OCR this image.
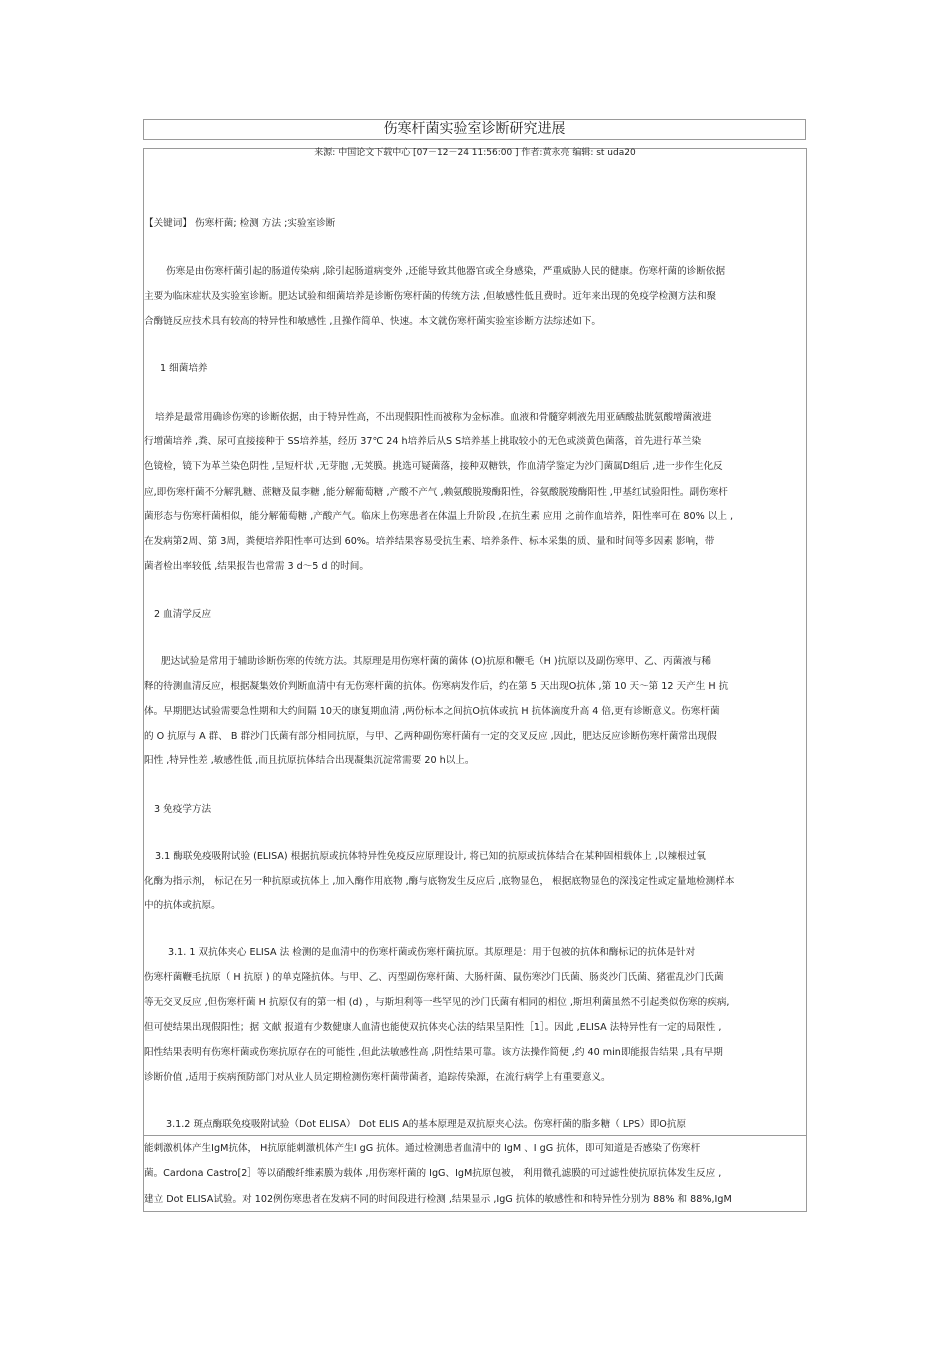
伤寒杆菌实验室诊断研究进展
来源: 中国论文下载中心 [07－12－24 11:56:00 ] 作者:黄永亮 编辑: st uda20
【关键词】 伤寒杆菌; 检测 方法 ;实验室诊断
伤寒是由伤寒杆菌引起的肠道传染病 ,除引起肠道病变外 ,还能导致其他器官或全身感染，严重威胁人民的健康。伤寒杆菌的诊断依据
主要为临床症状及实验室诊断。肥达试验和细菌培养是诊断伤寒杆菌的传统方法 ,但敏感性低且费时。近年来出现的免疫学检测方法和聚
合酶链反应技术具有较高的特异性和敏感性 ,且操作简单、快速。本文就伤寒杆菌实验室诊断方法综述如下。
1 细菌培养
培养是最常用确诊伤寒的诊断依据，由于特异性高，不出现假阳性而被称为金标准。血液和骨髓穿刺液先用亚硒酸盐胱氨酸增菌液进
行增菌培养 ,粪、尿可直接接种于 SS培养基，经历 37℃ 24 h培养后从S S培养基上挑取较小的无色或淡黄色菌落，首先进行革兰染
色镜检，镜下为革兰染色阴性 ,呈短杆状 ,无芽胞 ,无荚膜。挑选可疑菌落，接种双糖铁，作血清学鉴定为沙门菌属D组后 ,进一步作生化反
应,即伤寒杆菌不分解乳糖、蔗糖及鼠李糖 ,能分解葡萄糖 ,产酸不产气 ,赖氨酸脱羧酶阳性，谷氨酸脱羧酶阳性 ,甲基红试验阳性。副伤寒杆
菌形态与伤寒杆菌相似，能分解葡萄糖 ,产酸产气。临床上伤寒患者在体温上升阶段 ,在抗生素 应用 之前作血培养，阳性率可在 80% 以上 ,
在发病第2周、第 3周，粪便培养阳性率可达到 60%。培养结果容易受抗生素、培养条件、标本采集的质、量和时间等多因素 影响，带
菌者检出率较低 ,结果报告也常需 3 d～5 d 的时间。
2 血清学反应
肥达试验是常用于辅助诊断伤寒的传统方法。其原理是用伤寒杆菌的菌体 (O)抗原和鞭毛（H )抗原以及副伤寒甲、乙、丙菌液与稀
释的待测血清反应，根据凝集效价判断血清中有无伤寒杆菌的抗体。伤寒病发作后，约在第 5 天出现O抗体 ,第 10 天～第 12 天产生 H 抗
体。早期肥达试验需要急性期和大约间隔 10天的康复期血清 ,两份标本之间抗O抗体或抗 H 抗体滴度升高 4 倍,更有诊断意义。伤寒杆菌
的 O 抗原与 A 群、 B 群沙门氏菌有部分相同抗原，与甲、乙两种副伤寒杆菌有一定的交叉反应 ,因此，肥达反应诊断伤寒杆菌常出现假
阳性 ,特异性差 ,敏感性低 ,而且抗原抗体结合出现凝集沉淀常需要 20 h以上。
3 免疫学方法
3.1 酶联免疫吸附试验 (ELISA) 根据抗原或抗体特异性免疫反应原理设计, 将已知的抗原或抗体结合在某种固相载体上 ,以辣根过氧
化酶为指示剂， 标记在另一种抗原或抗体上 ,加入酶作用底物 ,酶与底物发生反应后 ,底物显色， 根据底物显色的深浅定性或定量地检测样本
中的抗体或抗原。
3.1. 1 双抗体夹心 ELISA 法 检测的是血清中的伤寒杆菌或伤寒杆菌抗原。其原理是：用于包被的抗体和酶标记的抗体是针对
伤寒杆菌鞭毛抗原（ H 抗原 ) 的单克隆抗体。与甲、乙、丙型副伤寒杆菌、大肠杆菌、鼠伤寒沙门氏菌、肠炎沙门氏菌、猪霍乱沙门氏菌
等无交叉反应 ,但伤寒杆菌 H 抗原仅有的第一相 (d) ，与斯坦利等一些罕见的沙门氏菌有相同的相位 ,斯坦利菌虽然不引起类似伤寒的疾病,
但可使结果出现假阳性；据 文献 报道有少数健康人血清也能使双抗体夹心法的结果呈阳性［1］。因此 ,ELISA 法特异性有一定的局限性 ,
阳性结果表明有伤寒杆菌或伤寒抗原存在的可能性 ,但此法敏感性高 ,阴性结果可靠。该方法操作简便 ,约 40 min即能报告结果 ,具有早期
诊断价值 ,适用于疾病预防部门对从业人员定期检测伤寒杆菌带菌者，追踪传染源，在流行病学上有重要意义。
3.1.2 斑点酶联免疫吸附试验（Dot ELISA） Dot ELIS A的基本原理是双抗原夹心法。伤寒杆菌的脂多糖（ LPS）即O抗原
能刺激机体产生IgM抗体， H抗原能刺激机体产生I gG 抗体。通过检测患者血清中的 IgM 、I gG 抗体，即可知道是否感染了伤寒杆
菌。Cardona Castro[2］等以硝酸纤维素膜为载体 ,用伤寒杆菌的 IgG、IgM抗原包被， 利用微孔滤膜的可过滤性使抗原抗体发生反应 ,
建立 Dot ELISA试验。对 102例伤寒患者在发病不同的时间段进行检测 ,结果显示 ,IgG 抗体的敏感性和和特异性分别为 88% 和 88%,IgM
